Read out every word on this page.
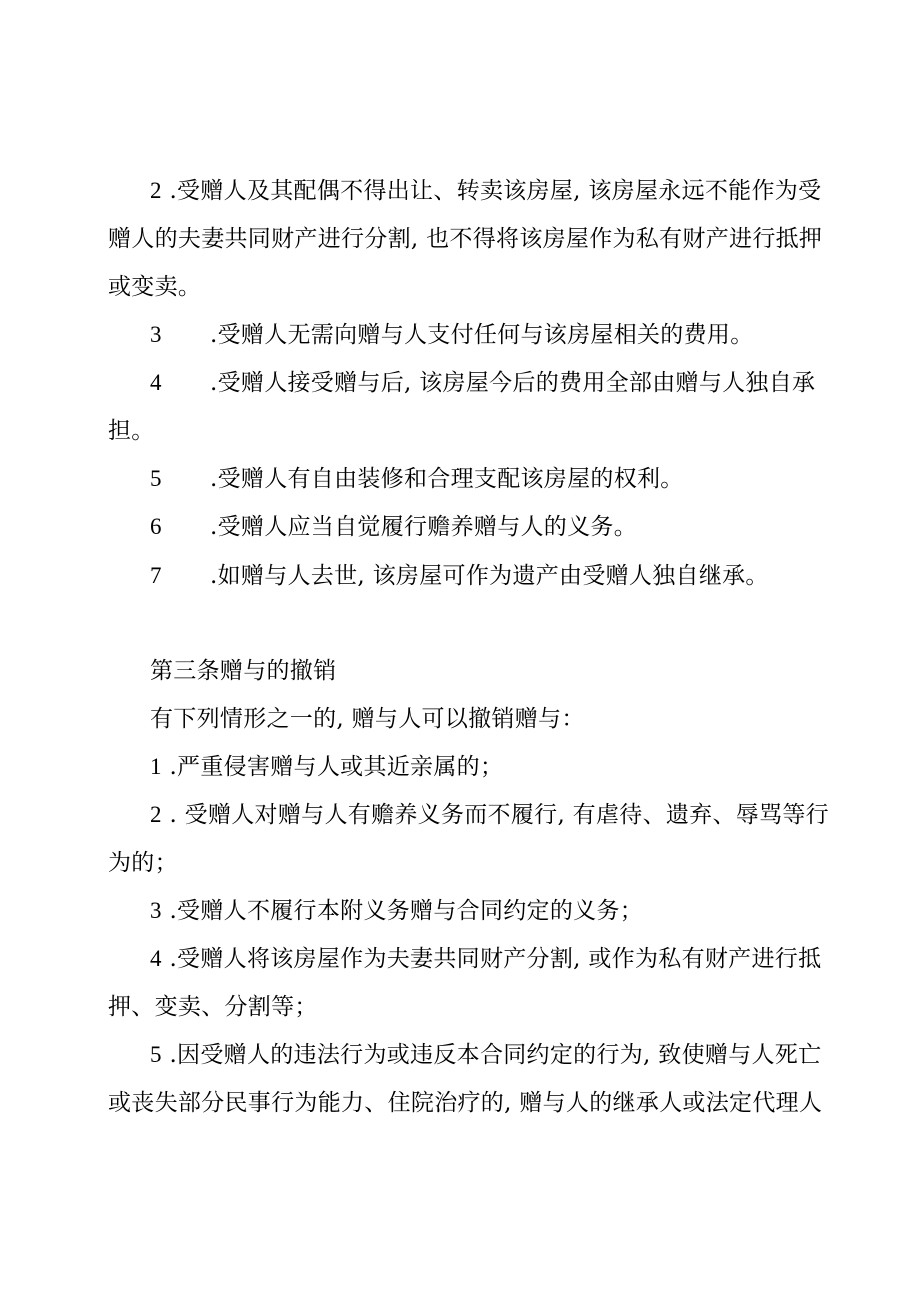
2 .受赠人及其配偶不得出让、转卖该房屋, 该房屋永远不能作为受
赠人的夫妻共同财产进行分割, 也不得将该房屋作为私有财产进行抵押
或变卖。
3 .受赠人无需向赠与人支付任何与该房屋相关的费用。
4 .受赠人接受赠与后, 该房屋今后的费用全部由赠与人独自承
担。
5 .受赠人有自由装修和合理支配该房屋的权利。
6 .受赠人应当自觉履行赡养赠与人的义务。
7 .如赠与人去世, 该房屋可作为遗产由受赠人独自继承。
第三条赠与的撤销
有下列情形之一的, 赠与人可以撤销赠与：
1 .严重侵害赠与人或其近亲属的；
2 . 受赠人对赠与人有赡养义务而不履行, 有虐待、遗弃、辱骂等行
为的；
3 .受赠人不履行本附义务赠与合同约定的义务；
4 .受赠人将该房屋作为夫妻共同财产分割, 或作为私有财产进行抵
押、变卖、分割等；
5 .因受赠人的违法行为或违反本合同约定的行为, 致使赠与人死亡
或丧失部分民事行为能力、住院治疗的, 赠与人的继承人或法定代理人
